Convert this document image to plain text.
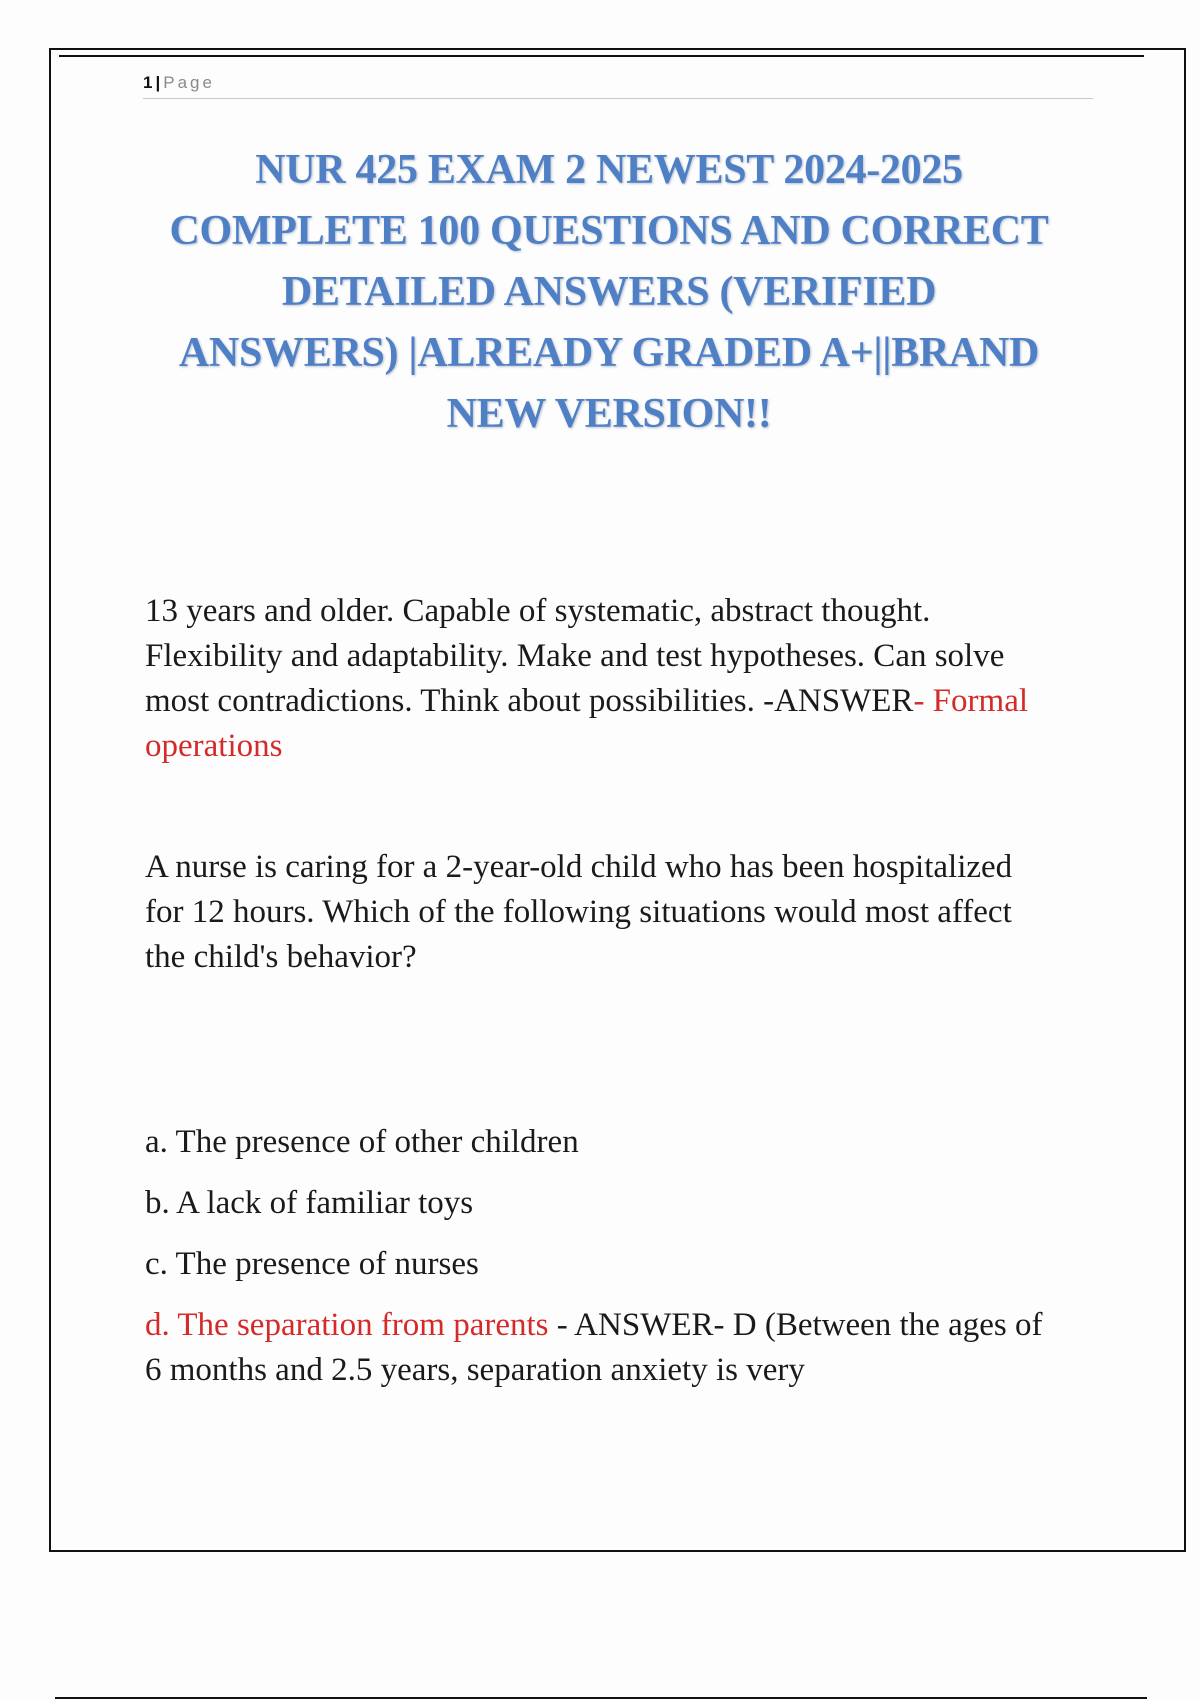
1 | Page
NUR 425 EXAM 2 NEWEST 2024-2025
COMPLETE 100 QUESTIONS AND CORRECT
DETAILED ANSWERS (VERIFIED
ANSWERS) |ALREADY GRADED A+||BRAND
NEW VERSION!!

13 years and older. Capable of systematic, abstract thought. Flexibility and adaptability. Make and test hypotheses. Can solve most contradictions. Think about possibilities. -ANSWER- Formal operations

A nurse is caring for a 2-year-old child who has been hospitalized for 12 hours. Which of the following situations would most affect the child's behavior?

a. The presence of other children

b. A lack of familiar toys

c. The presence of nurses

d. The separation from parents - ANSWER- D (Between the ages of 6 months and 2.5 years, separation anxiety is very
